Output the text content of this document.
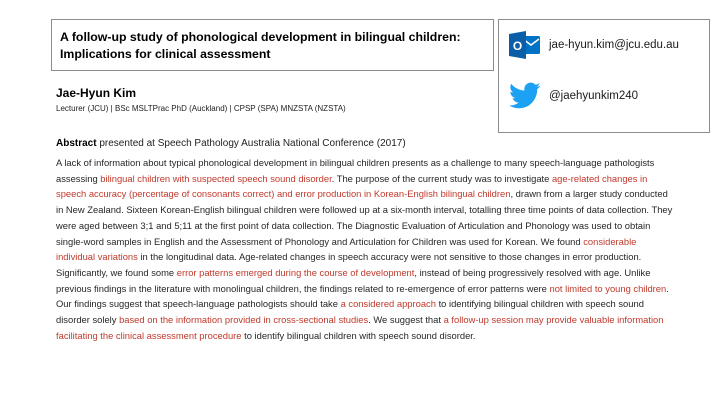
A follow-up study of phonological development in bilingual children:
Implications for clinical assessment
O jae-hyun.kim@jcu.edu.au
@jaehyunkim240
Jae-Hyun Kim
Lecturer (JCU) | BSc MSLTPrac PhD (Auckland) | CPSP (SPA) MNZSTA (NZSTA)
Abstract presented at Speech Pathology Australia National Conference (2017)
A lack of information about typical phonological development in bilingual children presents as a challenge to many speech-language pathologists assessing bilingual children with suspected speech sound disorder. The purpose of the current study was to investigate age-related changes in speech accuracy (percentage of consonants correct) and error production in Korean-English bilingual children, drawn from a larger study conducted in New Zealand. Sixteen Korean-English bilingual children were followed up at a six-month interval, totalling three time points of data collection. They were aged between 3;1 and 5;11 at the first point of data collection. The Diagnostic Evaluation of Articulation and Phonology was used to obtain single-word samples in English and the Assessment of Phonology and Articulation for Children was used for Korean. We found considerable individual variations in the longitudinal data. Age-related changes in speech accuracy were not sensitive to those changes in error production. Significantly, we found some error patterns emerged during the course of development, instead of being progressively resolved with age. Unlike previous findings in the literature with monolingual children, the findings related to re-emergence of error patterns were not limited to young children. Our findings suggest that speech-language pathologists should take a considered approach to identifying bilingual children with speech sound disorder solely based on the information provided in cross-sectional studies. We suggest that a follow-up session may provide valuable information facilitating the clinical assessment procedure to identify bilingual children with speech sound disorder.
